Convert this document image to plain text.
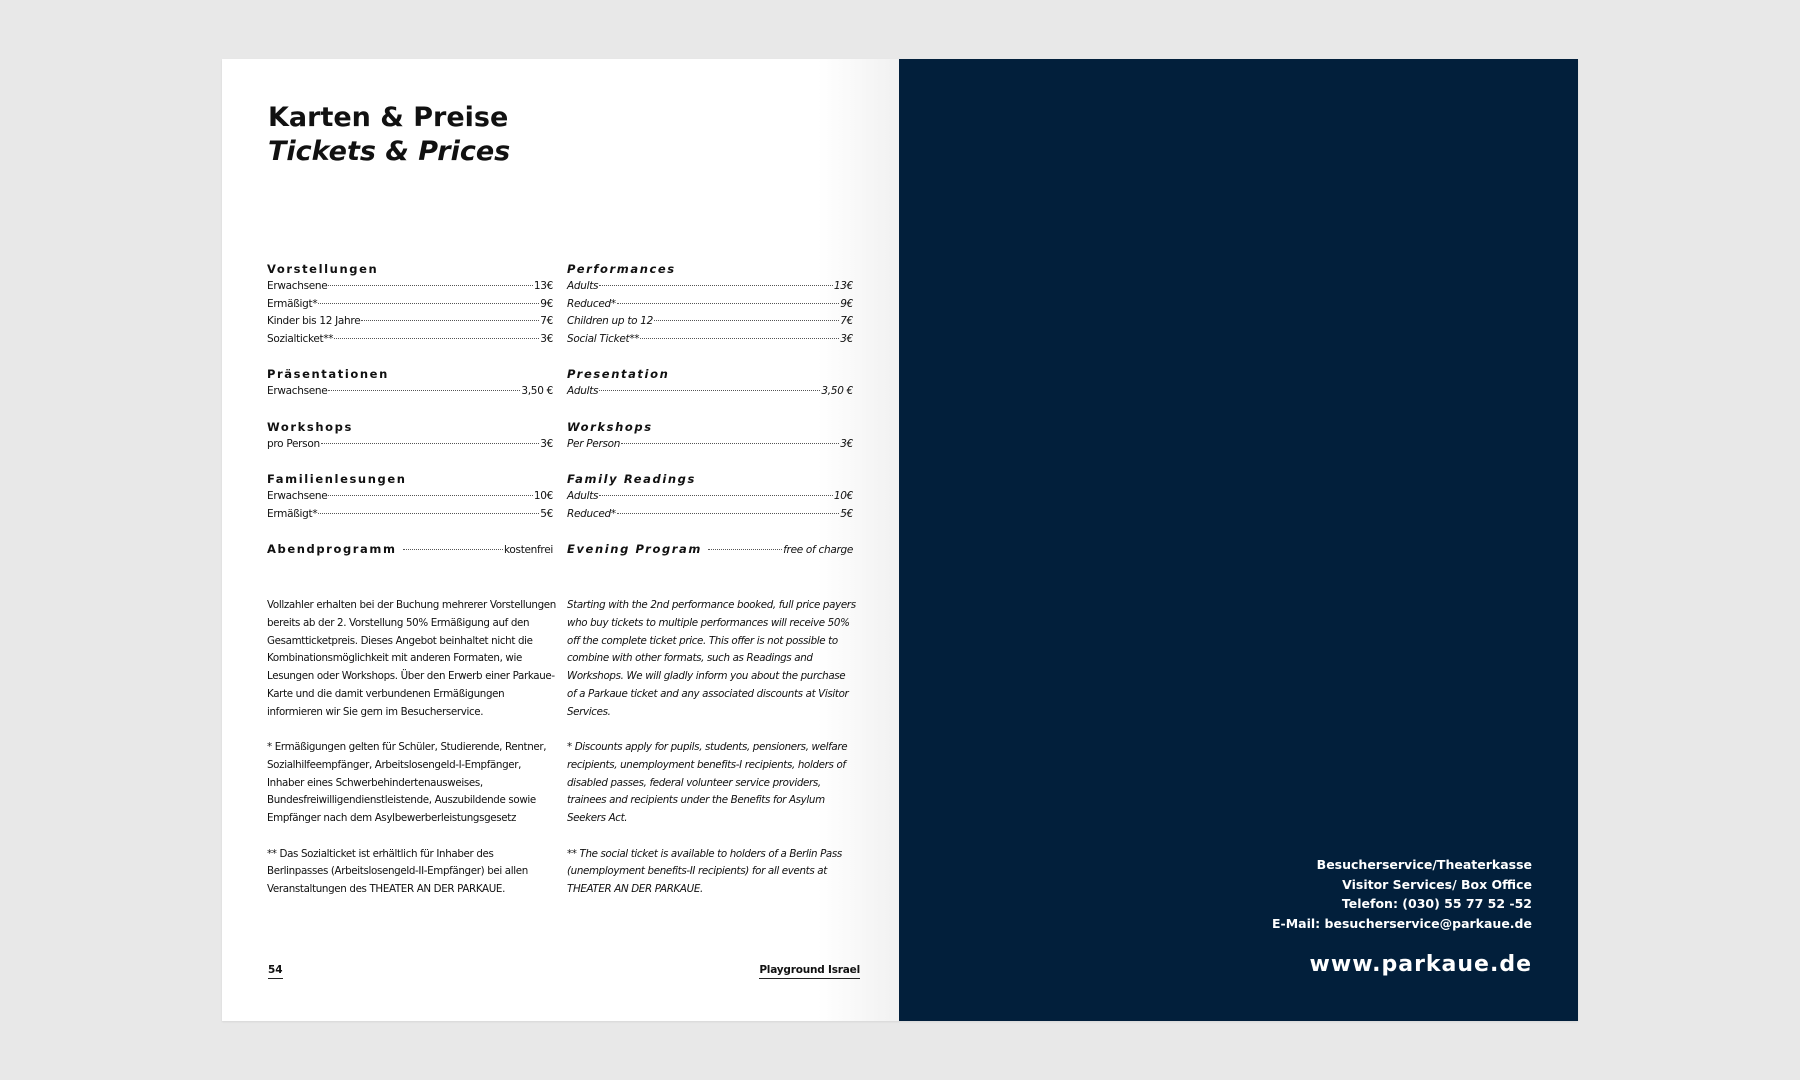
Karten & Preise
Tickets & Prices
Vorstellungen
Erwachsene	13€
Ermäßigt*	9€
Kinder bis 12 Jahre	7€
Sozialticket**	3€
Präsentationen
Erwachsene	3,50 €
Workshops
pro Person	3€
Familienlesungen
Erwachsene	10€
Ermäßigt*	5€
Abendprogramm	kostenfrei
Performances
Adults	13€
Reduced*	9€
Children up to 12	7€
Social Ticket**	3€
Presentation
Adults	3,50 €
Workshops
Per Person	3€
Family Readings
Adults	10€
Reduced*	5€
Evening Program	free of charge

Vollzahler erhalten bei der Buchung mehrerer Vorstellungen bereits ab der 2. Vorstellung 50% Ermäßigung auf den Gesamtticketpreis. Dieses Angebot beinhaltet nicht die Kombinationsmöglichkeit mit anderen Formaten, wie Lesungen oder Workshops. Über den Erwerb einer Parkaue-Karte und die damit verbundenen Ermäßigungen informieren wir Sie gern im Besucherservice.

* Ermäßigungen gelten für Schüler, Studierende, Rentner, Sozialhilfeempfänger, Arbeitslosengeld-I-Empfänger, Inhaber eines Schwerbehindertenausweises, Bundesfreiwilligendienstleistende, Auszubildende sowie Empfänger nach dem Asylbewerberleistungsgesetz

** Das Sozialticket ist erhältlich für Inhaber des Berlinpasses (Arbeitslosengeld-II-Empfänger) bei allen Veranstaltungen des THEATER AN DER PARKAUE.

Starting with the 2nd performance booked, full price payers who buy tickets to multiple performances will receive 50% off the complete ticket price. This offer is not possible to combine with other formats, such as Readings and Workshops. We will gladly inform you about the purchase of a Parkaue ticket and any associated discounts at Visitor Services.

* Discounts apply for pupils, students, pensioners, welfare recipients, unemployment benefits-I recipients, holders of disabled passes, federal volunteer service providers, trainees and recipients under the Benefits for Asylum Seekers Act.

** The social ticket is available to holders of a Berlin Pass (unemployment benefits-II recipients) for all events at THEATER AN DER PARKAUE.

54	Playground Israel
Besucherservice/Theaterkasse
Visitor Services/ Box Office
Telefon: (030) 55 77 52 -52
E-Mail: besucherservice@parkaue.de
www.parkaue.de
